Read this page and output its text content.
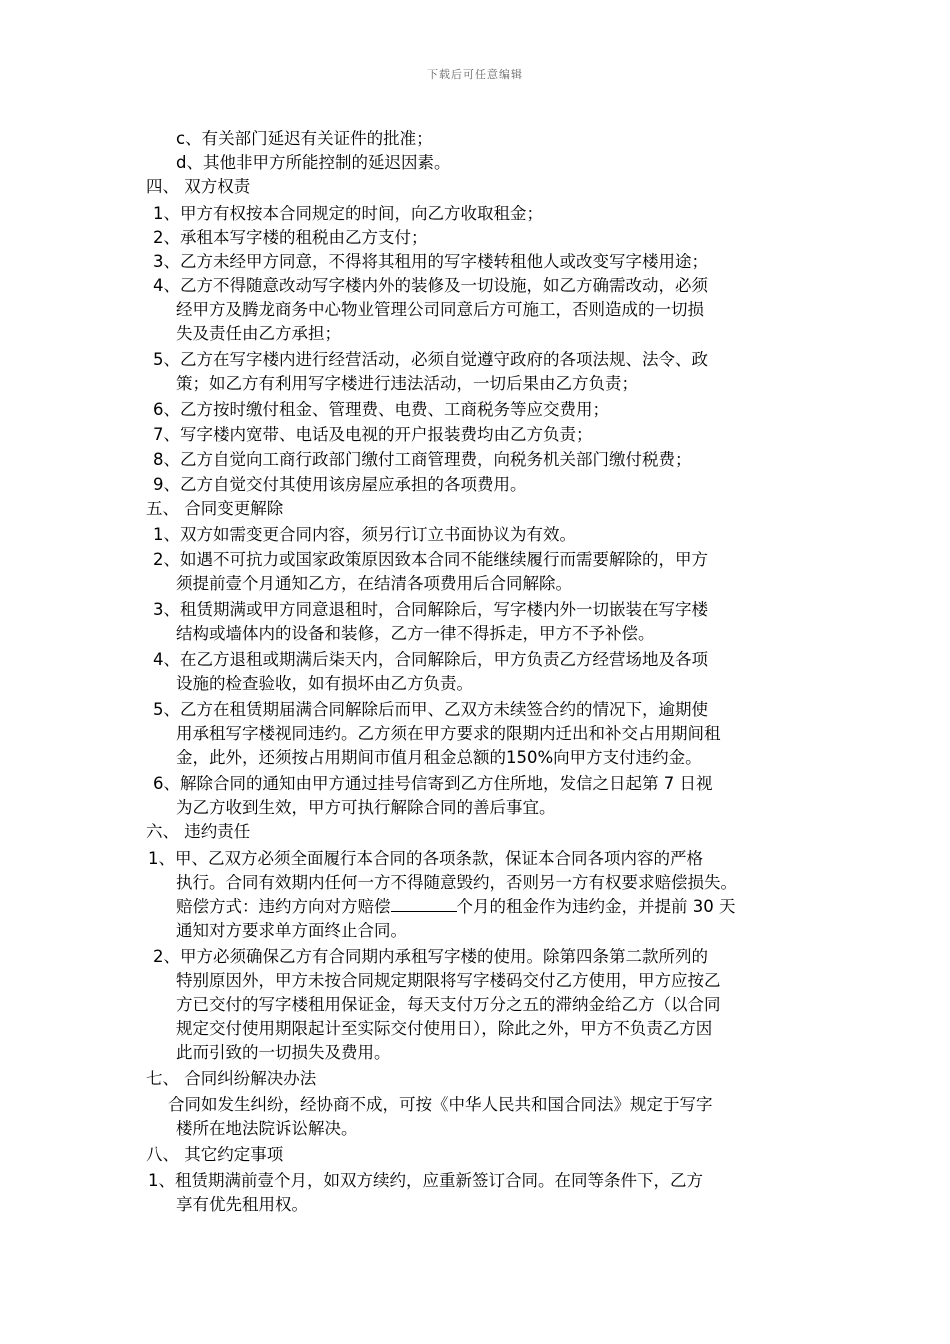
下载后可任意编辑
c、有关部门延迟有关证件的批准；
d、其他非甲方所能控制的延迟因素。
四、 双方权责
1、甲方有权按本合同规定的时间，向乙方收取租金；
2、承租本写字楼的租税由乙方支付；
3、乙方未经甲方同意，不得将其租用的写字楼转租他人或改变写字楼用途；
4、乙方不得随意改动写字楼内外的装修及一切设施，如乙方确需改动，必须
经甲方及腾龙商务中心物业管理公司同意后方可施工，否则造成的一切损
失及责任由乙方承担；
5、乙方在写字楼内进行经营活动，必须自觉遵守政府的各项法规、法令、政
策；如乙方有利用写字楼进行违法活动，一切后果由乙方负责；
6、乙方按时缴付租金、管理费、电费、工商税务等应交费用；
7、写字楼内宽带、电话及电视的开户报装费均由乙方负责；
8、乙方自觉向工商行政部门缴付工商管理费，向税务机关部门缴付税费；
9、乙方自觉交付其使用该房屋应承担的各项费用。
五、 合同变更解除
1、双方如需变更合同内容，须另行订立书面协议为有效。
2、如遇不可抗力或国家政策原因致本合同不能继续履行而需要解除的，甲方
须提前壹个月通知乙方，在结清各项费用后合同解除。
3、租赁期满或甲方同意退租时，合同解除后，写字楼内外一切嵌装在写字楼
结构或墙体内的设备和装修，乙方一律不得拆走，甲方不予补偿。
4、在乙方退租或期满后柒天内，合同解除后，甲方负责乙方经营场地及各项
设施的检查验收，如有损坏由乙方负责。
5、乙方在租赁期届满合同解除后而甲、乙双方未续签合约的情况下，逾期使
用承租写字楼视同违约。乙方须在甲方要求的限期内迁出和补交占用期间租
金，此外，还须按占用期间市值月租金总额的150%向甲方支付违约金。
6、解除合同的通知由甲方通过挂号信寄到乙方住所地，发信之日起第 7 日视
为乙方收到生效，甲方可执行解除合同的善后事宜。
六、 违约责任
1、甲、乙双方必须全面履行本合同的各项条款，保证本合同各项内容的严格
执行。合同有效期内任何一方不得随意毁约，否则另一方有权要求赔偿损失。
赔偿方式：违约方向对方赔偿	个月的租金作为违约金，并提前 30 天
通知对方要求单方面终止合同。
2、甲方必须确保乙方有合同期内承租写字楼的使用。除第四条第二款所列的
特别原因外，甲方未按合同规定期限将写字楼码交付乙方使用，甲方应按乙
方已交付的写字楼租用保证金，每天支付万分之五的滞纳金给乙方（以合同
规定交付使用期限起计至实际交付使用日），除此之外，甲方不负责乙方因
此而引致的一切损失及费用。
七、 合同纠纷解决办法
合同如发生纠纷，经协商不成，可按《中华人民共和国合同法》规定于写字
楼所在地法院诉讼解决。
八、 其它约定事项
1、租赁期满前壹个月，如双方续约，应重新签订合同。在同等条件下，乙方
享有优先租用权。
